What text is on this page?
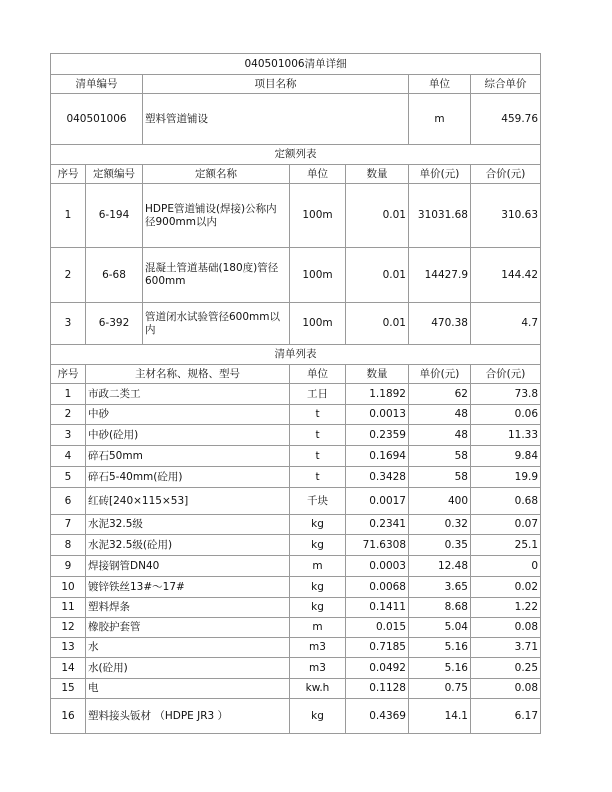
040501006清单详细						
清单编号		项目名称			单位	综合单价
040501006		塑料管道铺设			m	459.76
定额列表						
序号	定额编号	定额名称	单位	数量	单价(元)	合价(元)
1	6-194	HDPE管道铺设(焊接)公称内径900mm以内	100m	0.01	31031.68	310.63
2	6-68	混凝土管道基础(180度)管径600mm	100m	0.01	14427.9	144.42
3	6-392	管道闭水试验管径600mm以内	100m	0.01	470.38	4.7
清单列表						
序号	主材名称、规格、型号		单位	数量	单价(元)	合价(元)
1	市政二类工		工日	1.1892	62	73.8
2	中砂		t	0.0013	48	0.06
3	中砂(砼用)		t	0.2359	48	11.33
4	碎石50mm		t	0.1694	58	9.84
5	碎石5-40mm(砼用)		t	0.3428	58	19.9
6	红砖[240×115×53]		千块	0.0017	400	0.68
7	水泥32.5级		kg	0.2341	0.32	0.07
8	水泥32.5级(砼用)		kg	71.6308	0.35	25.1
9	焊接钢管DN40		m	0.0003	12.48	0
10	镀锌铁丝13#～17#		kg	0.0068	3.65	0.02
11	塑料焊条		kg	0.1411	8.68	1.22
12	橡胶护套管		m	0.015	5.04	0.08
13	水		m3	0.7185	5.16	3.71
14	水(砼用)		m3	0.0492	5.16	0.25
15	电		kw.h	0.1128	0.75	0.08
16	塑料接头钣材 （HDPE JR3 ）		kg	0.4369	14.1	6.17
